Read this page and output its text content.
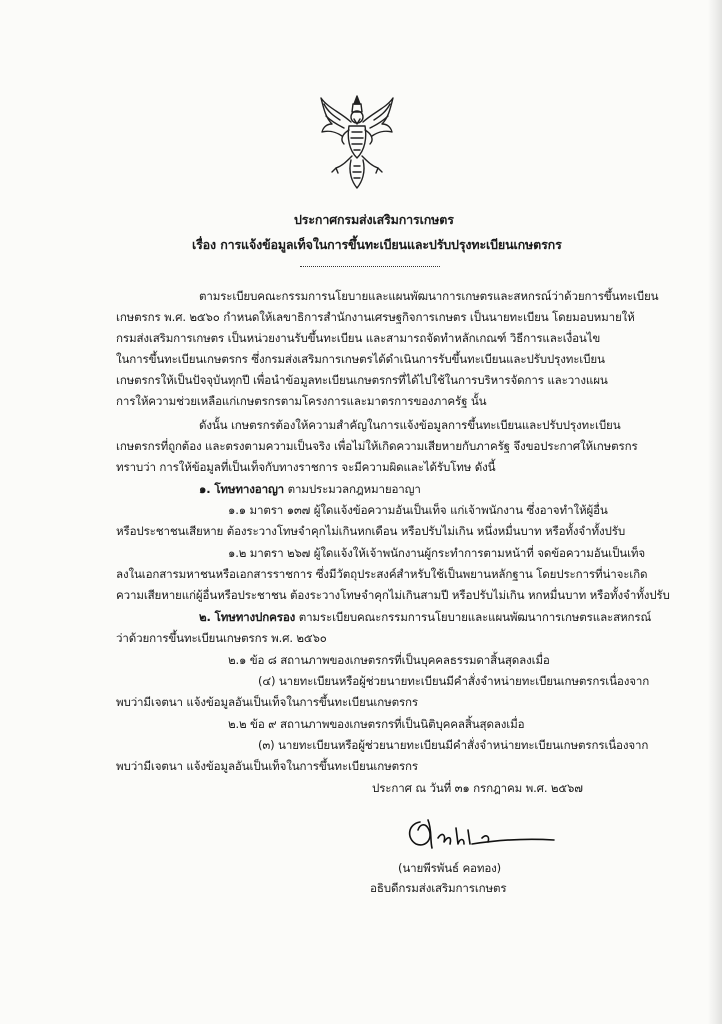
ประกาศกรมส่งเสริมการเกษตร
เรื่อง การแจ้งข้อมูลเท็จในการขึ้นทะเบียนและปรับปรุงทะเบียนเกษตรกร
ตามระเบียบคณะกรรมการนโยบายและแผนพัฒนาการเกษตรและสหกรณ์ว่าด้วยการขึ้นทะเบียน
เกษตรกร พ.ศ. ๒๕๖๐ กำหนดให้เลขาธิการสำนักงานเศรษฐกิจการเกษตร เป็นนายทะเบียน โดยมอบหมายให้
กรมส่งเสริมการเกษตร เป็นหน่วยงานรับขึ้นทะเบียน และสามารถจัดทำหลักเกณฑ์ วิธีการและเงื่อนไข
ในการขึ้นทะเบียนเกษตรกร ซึ่งกรมส่งเสริมการเกษตรได้ดำเนินการรับขึ้นทะเบียนและปรับปรุงทะเบียน
เกษตรกรให้เป็นปัจจุบันทุกปี เพื่อนำข้อมูลทะเบียนเกษตรกรที่ได้ไปใช้ในการบริหารจัดการ และวางแผน
การให้ความช่วยเหลือแก่เกษตรกรตามโครงการและมาตรการของภาครัฐ นั้น
ดังนั้น เกษตรกรต้องให้ความสำคัญในการแจ้งข้อมูลการขึ้นทะเบียนและปรับปรุงทะเบียน
เกษตรกรที่ถูกต้อง และตรงตามความเป็นจริง เพื่อไม่ให้เกิดความเสียหายกับภาครัฐ จึงขอประกาศให้เกษตรกร
ทราบว่า การให้ข้อมูลที่เป็นเท็จกับทางราชการ จะมีความผิดและได้รับโทษ ดังนี้
๑. โทษทางอาญา ตามประมวลกฎหมายอาญา
๑.๑ มาตรา ๑๓๗ ผู้ใดแจ้งข้อความอันเป็นเท็จ แก่เจ้าพนักงาน ซึ่งอาจทำให้ผู้อื่น
หรือประชาชนเสียหาย ต้องระวางโทษจำคุกไม่เกินหกเดือน หรือปรับไม่เกิน หนึ่งหมื่นบาท หรือทั้งจำทั้งปรับ
๑.๒ มาตรา ๒๖๗ ผู้ใดแจ้งให้เจ้าพนักงานผู้กระทำการตามหน้าที่ จดข้อความอันเป็นเท็จ
ลงในเอกสารมหาชนหรือเอกสารราชการ ซึ่งมีวัตถุประสงค์สำหรับใช้เป็นพยานหลักฐาน โดยประการที่น่าจะเกิด
ความเสียหายแก่ผู้อื่นหรือประชาชน ต้องระวางโทษจำคุกไม่เกินสามปี หรือปรับไม่เกิน หกหมื่นบาท หรือทั้งจำทั้งปรับ
๒. โทษทางปกครอง ตามระเบียบคณะกรรมการนโยบายและแผนพัฒนาการเกษตรและสหกรณ์
ว่าด้วยการขึ้นทะเบียนเกษตรกร พ.ศ. ๒๕๖๐
๒.๑ ข้อ ๘ สถานภาพของเกษตรกรที่เป็นบุคคลธรรมดาสิ้นสุดลงเมื่อ
(๔) นายทะเบียนหรือผู้ช่วยนายทะเบียนมีคำสั่งจำหน่ายทะเบียนเกษตรกรเนื่องจาก
พบว่ามีเจตนา แจ้งข้อมูลอันเป็นเท็จในการขึ้นทะเบียนเกษตรกร
๒.๒ ข้อ ๙ สถานภาพของเกษตรกรที่เป็นนิติบุคคลสิ้นสุดลงเมื่อ
(๓) นายทะเบียนหรือผู้ช่วยนายทะเบียนมีคำสั่งจำหน่ายทะเบียนเกษตรกรเนื่องจาก
พบว่ามีเจตนา แจ้งข้อมูลอันเป็นเท็จในการขึ้นทะเบียนเกษตรกร
ประกาศ ณ วันที่ ๓๑ กรกฎาคม พ.ศ. ๒๕๖๗
(นายพีรพันธ์ คอทอง)
อธิบดีกรมส่งเสริมการเกษตร
